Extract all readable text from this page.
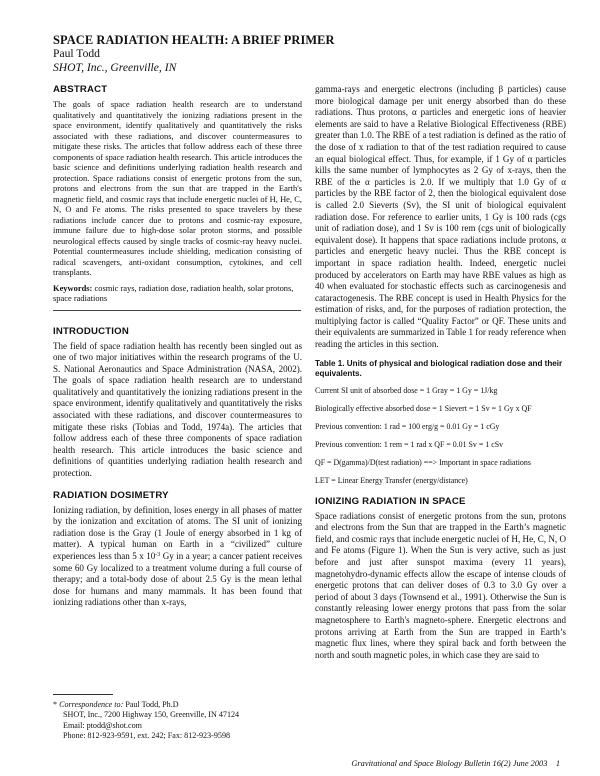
SPACE RADIATION HEALTH: A BRIEF PRIMER
Paul Todd
SHOT, Inc., Greenville, IN
ABSTRACT

The goals of space radiation health research are to understand qualitatively and quantitatively the ionizing radiations present in the space environment, identify qualitatively and quantitatively the risks associated with these radiations, and discover countermeasures to mitigate these risks. The articles that follow address each of these three components of space radiation health research. This article introduces the basic science and definitions underlying radiation health research and protection. Space radiations consist of energetic protons from the sun, protons and electrons from the sun that are trapped in the Earth's magnetic field, and cosmic rays that include energetic nuclei of H, He, C, N, O and Fe atoms. The risks presented to space travelers by these radiations include cancer due to protons and cosmic-ray exposure, immune failure due to high-dose solar proton storms, and possible neurological effects caused by single tracks of cosmic-ray heavy nuclei. Potential countermeasures include shielding, medication consisting of radical scavengers, anti-oxidant consumption, cytokines, and cell transplants.

Keywords: cosmic rays, radiation dose, radiation health, solar protons, space radiations

INTRODUCTION

The field of space radiation health has recently been singled out as one of two major initiatives within the research programs of the U. S. National Aeronautics and Space Administration (NASA, 2002). The goals of space radiation health research are to understand qualitatively and quantitatively the ionizing radiations present in the space environment, identify qualitatively and quantitatively the risks associated with these radiations, and discover countermeasures to mitigate these risks (Tobias and Todd, 1974a). The articles that follow address each of these three components of space radiation health research. This article introduces the basic science and definitions of quantities underlying radiation health research and protection.

RADIATION DOSIMETRY

Ionizing radiation, by definition, loses energy in all phases of matter by the ionization and excitation of atoms. The SI unit of ionizing radiation dose is the Gray (1 Joule of energy absorbed in 1 kg of matter). A typical human on Earth in a “civilized” culture experiences less than 5 x $10^{-3}$ Gy in a year; a cancer patient receives some 60 Gy localized to a treatment volume during a full course of therapy; and a total-body dose of about 2.5 Gy is the mean lethal dose for humans and many mammals. It has been found that ionizing radiations other than x-rays,

* Correspondence to: Paul Todd, Ph.D

SHOT, Inc., 7200 Highway 150, Greenville, IN 47124

Email: ptodd@shot.com

Phone: 812-923-9591, ext. 242; Fax: 812-923-9598

gamma-rays and energetic electrons (including β particles) cause more biological damage per unit energy absorbed than do these radiations. Thus protons, α particles and energetic ions of heavier elements are said to have a Relative Biological Effectiveness (RBE) greater than 1.0. The RBE of a test radiation is defined as the ratio of the dose of x radiation to that of the test radiation required to cause an equal biological effect. Thus, for example, if 1 Gy of α particles kills the same number of lymphocytes as 2 Gy of x-rays, then the RBE of the α particles is 2.0. If we multiply that 1.0 Gy of α particles by the RBE factor of 2, then the biological equivalent dose is called 2.0 Sieverts (Sv), the SI unit of biological equivalent radiation dose. For reference to earlier units, 1 Gy is 100 rads (cgs unit of radiation dose), and 1 Sv is 100 rem (cgs unit of biologically equivalent dose). It happens that space radiations include protons, α particles and energetic heavy nuclei. Thus the RBE concept is important in space radiation health. Indeed, energetic nuclei produced by accelerators on Earth may have RBE values as high as 40 when evaluated for stochastic effects such as carcinogenesis and cataractogenesis. The RBE concept is used in Health Physics for the estimation of risks, and, for the purposes of radiation protection, the multiplying factor is called “Quality Factor” or QF. These units and their equivalents are summarized in Table 1 for ready reference when reading the articles in this section.

Table 1. Units of physical and biological radiation dose and their equivalents.
Current SI unit of absorbed dose = 1 Gray = 1 Gy = 1J/kg
Biologically effective absorbed dose = 1 Sievert = 1 Sv = 1 Gy x QF
Previous convention: 1 rad = 100 erg/g = 0.01 Gy = 1 cGy
Previous convention: 1 rem = 1 rad x QF = 0.01 Sv = 1 cSv
QF = D(gamma)/D(test radiation) ==> Important in space radiations
LET = Linear Energy Transfer (energy/distance)
IONIZING RADIATION IN SPACE

Space radiations consist of energetic protons from the sun, protons and electrons from the Sun that are trapped in the Earth’s magnetic field, and cosmic rays that include energetic nuclei of H, He, C, N, O and Fe atoms (Figure 1). When the Sun is very active, such as just before and just after sunspot maxima (every 11 years), magnetohydro-dynamic effects allow the escape of intense clouds of energetic protons that can deliver doses of 0.3 to 3.0 Gy over a period of about 3 days (Townsend et al., 1991). Otherwise the Sun is constantly releasing lower energy protons that pass from the solar magnetosphere to Earth's magneto-sphere. Energetic electrons and protons arriving at Earth from the Sun are trapped in Earth’s magnetic flux lines, where they spiral back and forth between the north and south magnetic poles, in which case they are said to

Gravitational and Space Biology Bulletin 16(2) June 2003 1
